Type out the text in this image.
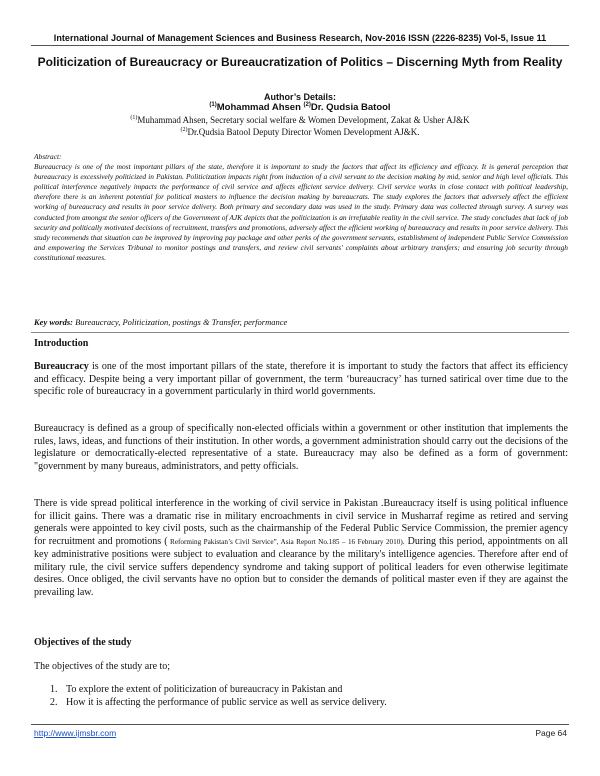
International Journal of Management Sciences and Business Research, Nov-2016 ISSN (2226-8235) Vol-5, Issue 11
Politicization of Bureaucracy or Bureaucratization of Politics – Discerning Myth from Reality
Author’s Details:
$^{(1)}$Mohammad Ahsen $^{(2)}$Dr. Qudsia Batool
$^{(1)}$Muhammad Ahsen, Secretary social welfare & Women Development, Zakat & Usher AJ&K
$^{(2)}$Dr.Qudsia Batool Deputy Director Women Development AJ&K.
Abstract:
Bureaucracy is one of the most important pillars of the state, therefore it is important to study the factors that affect its efficiency and efficacy. It is general perception that bureaucracy is excessively politicized in Pakistan. Politicization impacts right from induction of a civil servant to the decision making by mid, senior and high level officials. This political interference negatively impacts the performance of civil service and affects efficient service delivery. Civil service works in close contact with political leadership, therefore there is an inherent potential for political masters to influence the decision making by bureaucrats. The study explores the factors that adversely affect the efficient working of bureaucracy and results in poor service delivery. Both primary and secondary data was used in the study. Primary data was collected through survey. A survey was conducted from amongst the senior officers of the Government of AJK depicts that the politicization is an irrefutable reality in the civil service. The study concludes that lack of job security and politically motivated decisions of recruitment, transfers and promotions, adversely affect the efficient working of bureaucracy and results in poor service delivery. This study recommends that situation can be improved by improving pay package and other perks of the government servants, establishment of independent Public Service Commission and empowering the Services Tribunal to monitor postings and transfers, and review civil servants' complaints about arbitrary transfers; and ensuring job security through constitutional measures.
Key words: Bureaucracy, Politicization, postings & Transfer, performance
Introduction
Bureaucracy is one of the most important pillars of the state, therefore it is important to study the factors that affect its efficiency and efficacy. Despite being a very important pillar of government, the term ‘bureaucracy’ has turned satirical over time due to the specific role of bureaucracy in a government particularly in third world governments.
Bureaucracy is defined as a group of specifically non-elected officials within a government or other institution that implements the rules, laws, ideas, and functions of their institution. In other words, a government administration should carry out the decisions of the legislature or democratically-elected representative of a state. Bureaucracy may also be defined as a form of government: "government by many bureaus, administrators, and petty officials.
There is vide spread political interference in the working of civil service in Pakistan .Bureaucracy itself is using political influence for illicit gains. There was a dramatic rise in military encroachments in civil service in Musharraf regime as retired and serving generals were appointed to key civil posts, such as the chairmanship of the Federal Public Service Commission, the premier agency for recruitment and promotions ( Reforming Pakistan’s Civil Service”, Asia Report No.185 – 16 February 2010). During this period, appointments on all key administrative positions were subject to evaluation and clearance by the military's intelligence agencies. Therefore after end of military rule, the civil service suffers dependency syndrome and taking support of political leaders for even otherwise legitimate desires. Once obliged, the civil servants have no option but to consider the demands of political master even if they are against the prevailing law.
Objectives of the study
The objectives of the study are to;
1. To explore the extent of politicization of bureaucracy in Pakistan and
2. How it is affecting the performance of public service as well as service delivery.
http://www.ijmsbr.com	Page 64
